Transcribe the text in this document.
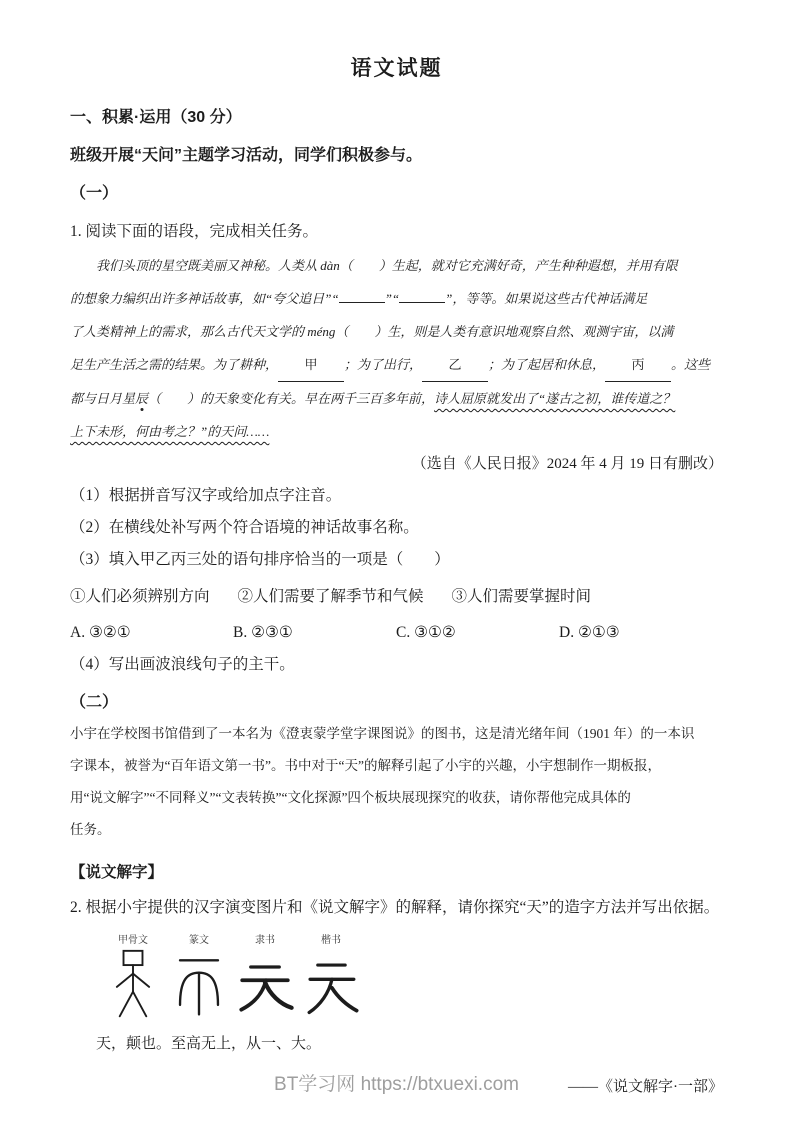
语文试题
一、积累·运用（30 分）
班级开展“天问”主题学习活动，同学们积极参与。
（一）
1. 阅读下面的语段，完成相关任务。
　　我们头顶的星空既美丽又神秘。人类从 dàn（　　）生起，就对它充满好奇，产生种种遐想，并用有限
的想象力编织出许多神话故事，如“夸父追日”“	”“	”，等等。如果说这些古代神话满足
了人类精神上的需求，那么古代天文学的 méng（　　）生，则是人类有意识地观察自然、观测宇宙，以满
足生产生活之需的结果。为了耕种， 甲 ；为了出行， 乙 ；为了起居和休息， 丙 。这些
都与日月星辰（　　）的天象变化有关。早在两千三百多年前，诗人屈原就发出了“遂古之初，谁传道之？
上下未形，何由考之？”的天问……
（选自《人民日报》2024 年 4 月 19 日有删改）
（1）根据拼音写汉字或给加点字注音。
（2）在横线处补写两个符合语境的神话故事名称。
（3）填入甲乙丙三处的语句排序恰当的一项是（　　）
①人们必须辨别方向 ②人们需要了解季节和气候 ③人们需要掌握时间
A. ③②①	B. ②③①	C. ③①②	D. ②①③
（4）写出画波浪线句子的主干。
（二）
小宇在学校图书馆借到了一本名为《澄衷蒙学堂字课图说》的图书，这是清光绪年间（1901 年）的一本识
字课本，被誉为“百年语文第一书”。书中对于“天”的解释引起了小宇的兴趣，小宇想制作一期板报，
用“说文解字”“不同释义”“文表转换”“文化探源”四个板块展现探究的收获，请你帮他完成具体的
任务。
【说文解字】
2. 根据小宇提供的汉字演变图片和《说文解字》的解释，请你探究“天”的造字方法并写出依据。
甲骨文	篆文	隶书	楷书
天，颠也。至高无上，从一、大。
——《说文解字·一部》
BT学习网 https://btxuexi.com
